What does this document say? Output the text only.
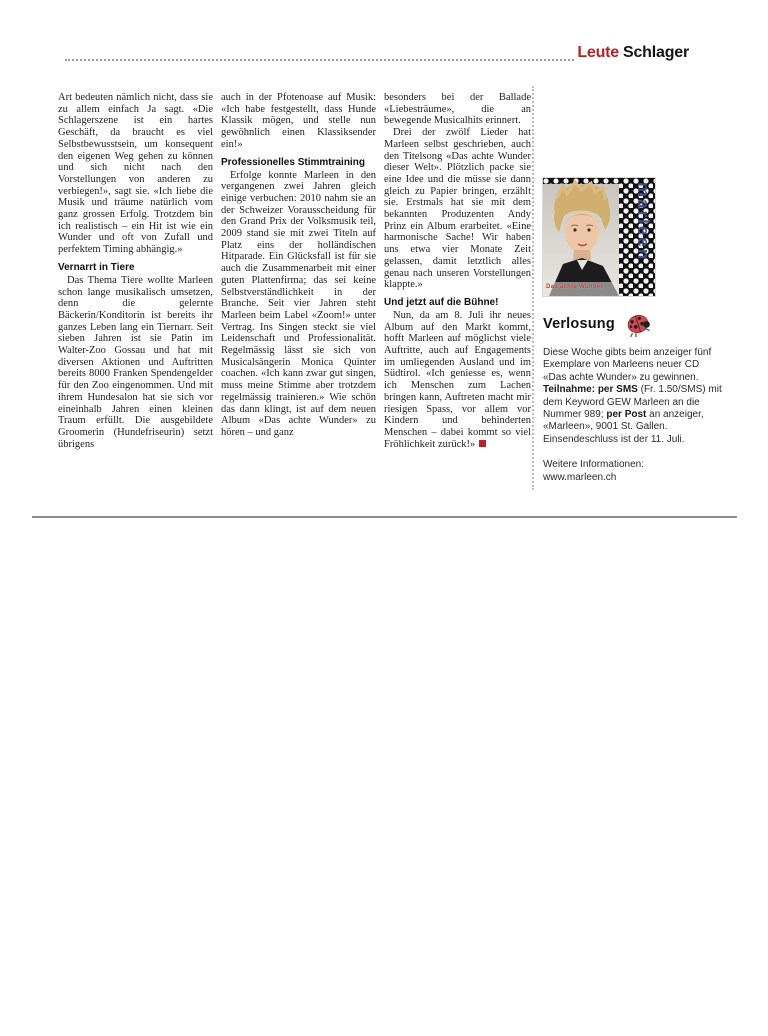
Leute Schlager

Art bedeuten nämlich nicht, dass sie zu allem einfach Ja sagt. «Die Schlagerszene ist ein hartes Geschäft, da braucht es viel Selbstbewusstsein, um konsequent den eigenen Weg gehen zu können und sich nicht nach den Vorstellungen von anderen zu verbiegen!», sagt sie. «Ich liebe die Musik und träume natürlich vom ganz grossen Erfolg. Trotzdem bin ich realistisch – ein Hit ist wie ein Wunder und oft von Zufall und perfektem Timing abhängig.»

Vernarrt in Tiere

Das Thema Tiere wollte Marleen schon lange musikalisch umsetzen, denn die gelernte Bäckerin/Konditorin ist bereits ihr ganzes Leben lang ein Tiernarr. Seit sieben Jahren ist sie Patin im Walter-Zoo Gossau und hat mit diversen Aktionen und Auftritten bereits 8000 Franken Spendengelder für den Zoo eingenommen. Und mit ihrem Hundesalon hat sie sich vor eineinhalb Jahren einen kleinen Traum erfüllt. Die ausgebildete Groomerin (Hundefriseurin) setzt übrigens

auch in der Pfotenoase auf Musik: «Ich habe festgestellt, dass Hunde Klassik mögen, und stelle nun gewöhnlich einen Klassiksender ein!»

Professionelles Stimmtraining

Erfolge konnte Marleen in den vergangenen zwei Jahren gleich einige verbuchen: 2010 nahm sie an der Schweizer Vorausscheidung für den Grand Prix der Volksmusik teil, 2009 stand sie mit zwei Titeln auf Platz eins der holländischen Hitparade. Ein Glücksfall ist für sie auch die Zusammenarbeit mit einer guten Plattenfirma; das sei keine Selbstverständlichkeit in der Branche. Seit vier Jahren steht Marleen beim Label «Zoom!» unter Vertrag. Ins Singen steckt sie viel Leidenschaft und Professionalität. Regelmässig lässt sie sich von Musicalsängerin Monica Quinter coachen. «Ich kann zwar gut singen, muss meine Stimme aber trotzdem regelmässig trainieren.» Wie schön das dann klingt, ist auf dem neuen Album «Das achte Wunder» zu hören – und ganz

besonders bei der Ballade «Liebesträume», die an bewegende Musicalhits erinnert.

Drei der zwölf Lieder hat Marleen selbst geschrieben, auch den Titelsong «Das achte Wunder dieser Welt». Plötzlich packe sie eine Idee und die müsse sie dann gleich zu Papier bringen, erzählt sie. Erstmals hat sie mit dem bekannten Produzenten Andy Prinz ein Album erarbeitet. «Eine harmonische Sache! Wir haben uns etwa vier Monate Zeit gelassen, damit letztlich alles genau nach unseren Vorstellungen klappte.»

Und jetzt auf die Bühne!

Nun, da am 8. Juli ihr neues Album auf den Markt kommt, hofft Marleen auf möglichst viele Auftritte, auch auf Engagements im umliegenden Ausland und im Südtirol. «Ich geniesse es, wenn ich Menschen zum Lachen bringen kann, Auftreten macht mir riesigen Spass, vor allem vor Kindern und behinderten Menschen – dabei kommt so viel Fröhlichkeit zurück!»

marleen
Das achte Wunder
Verlosung

Diese Woche gibts beim anzeiger fünf Exemplare von Marleens neuer CD «Das achte Wunder» zu gewinnen. Teilnahme: per SMS (Fr. 1.50/SMS) mit dem Keyword GEW Marleen an die Nummer 989; per Post an anzeiger, «Marleen», 9001 St. Gallen. Einsendeschluss ist der 11. Juli.

Weitere Informationen:
www.marleen.ch
